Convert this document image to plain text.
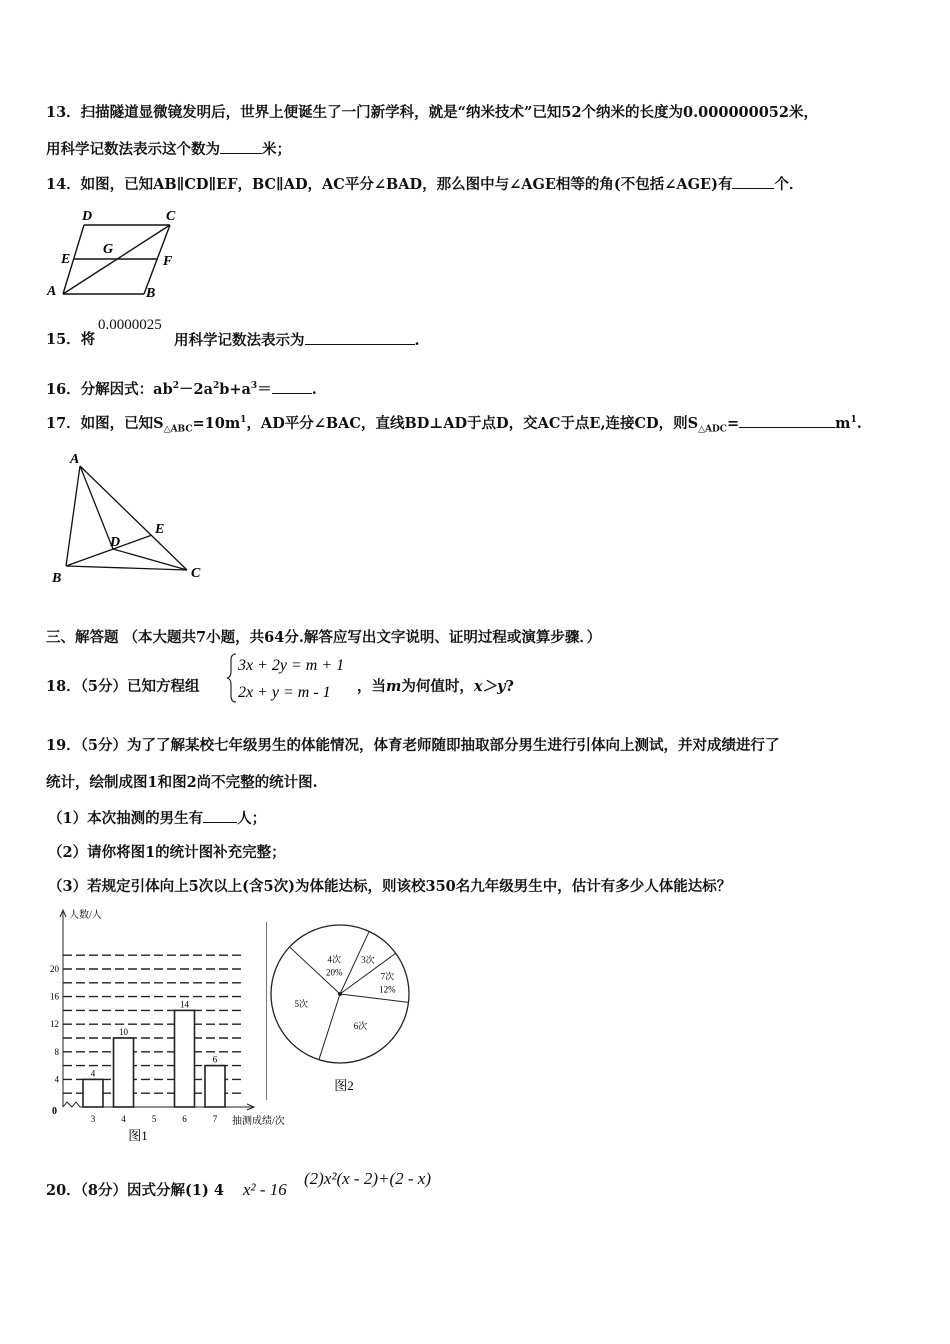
13．扫描隧道显微镜发明后，世界上便诞生了一门新学科，就是“纳米技术”已知52个纳米的长度为0.000000052米，
用科学记数法表示这个数为	米；
14．如图，已知AB∥CD∥EF，BC∥AD，AC平分∠BAD，那么图中与∠AGE相等的角(不包括∠AGE)有	个．
D	C
G
E	F
A	B
15．将
0.0000025
用科学记数法表示为	.
16．分解因式：$ab^2-2a^2b+a^3=$	.
17．如图，已知$S_{\triangle ABC}=10m^1$，AD平分∠BAC，直线BD⊥AD于点D，交AC于点E,连接CD，则$S_{\triangle ADC}=$	$m^1$.
A
E
D
B	C
三、解答题 （本大题共7小题，共64分.解答应写出文字说明、证明过程或演算步骤．）
18．（5分）已知方程组
3x + 2y = m + 1
2x + y = m - 1 ，当m为何值时，x＞y?
19．（5分）为了了解某校七年级男生的体能情况，体育老师随即抽取部分男生进行引体向上测试，并对成绩进行了
统计，绘制成图1和图2尚不完整的统计图.
（1）本次抽测的男生有 人；
（2）请你将图1的统计图补充完整；
（3）若规定引体向上5次以上(含5次)为体能达标，则该校350名九年级男生中，估计有多少人体能达标？
4
8
12
16
20
0
人数/人
抽测成绩/次
3
4
4
10
5	6
14
7
6
图1
4次
20%
3次
7次
12%
6次
5次
图2
20．（8分）因式分解(1) 4 x² - 16
(2)x²(x - 2)+(2 - x)
